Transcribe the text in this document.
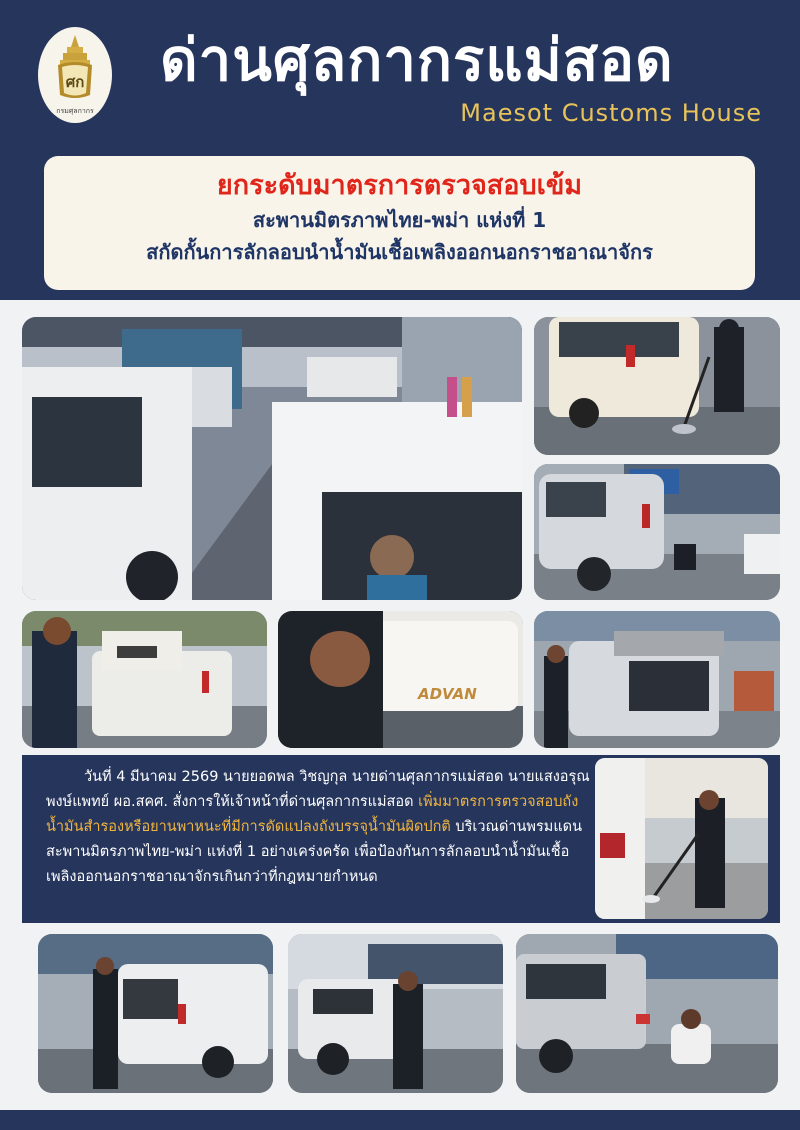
ศก
กรมศุลกากร
ด่านศุลกากรแม่สอด
Maesot Customs House
ยกระดับมาตรการตรวจสอบเข้ม
สะพานมิตรภาพไทย-พม่า แห่งที่ 1
สกัดกั้นการลักลอบนำน้ำมันเชื้อเพลิงออกนอกราชอาณาจักร
ADVAN
วันที่ 4 มีนาคม 2569 นายยอดพล วิชญกุล นายด่านศุลกากรแม่สอด นายแสงอรุณ พงษ์แพทย์ ผอ.สคศ. สั่งการให้เจ้าหน้าที่ด่านศุลกากรแม่สอด เพิ่มมาตรการตรวจสอบถังน้ำมันสำรองหรือยานพาหนะที่มีการดัดแปลงถังบรรจุน้ำมันผิดปกติ บริเวณด่านพรมแดน สะพานมิตรภาพไทย-พม่า แห่งที่ 1 อย่างเคร่งครัด เพื่อป้องกันการลักลอบนำน้ำมันเชื้อเพลิงออกนอกราชอาณาจักรเกินกว่าที่กฎหมายกำหนด
